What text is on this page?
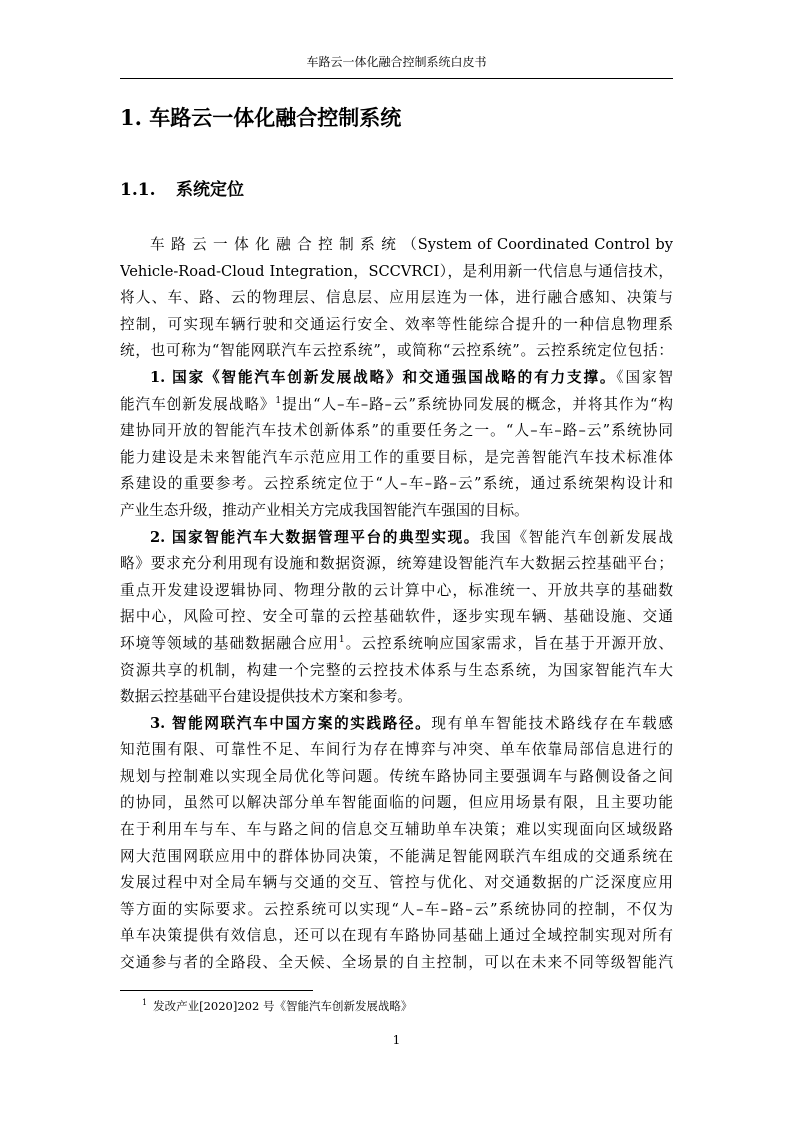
车路云一体化融合控制系统白皮书
1. 车路云一体化融合控制系统
1.1. 系统定位
车 路 云 一 体 化 融 合 控 制 系 统 （System of Coordinated Control by
Vehicle-Road-Cloud Integration，SCCVRCI），是利用新一代信息与通信技术，
将人、车、路、云的物理层、信息层、应用层连为一体，进行融合感知、决策与
控制，可实现车辆行驶和交通运行安全、效率等性能综合提升的一种信息物理系
统，也可称为“智能网联汽车云控系统”，或简称“云控系统”。云控系统定位包括：
1. 国家《智能汽车创新发展战略》和交通强国战略的有力支撑。《国家智
能汽车创新发展战略》$^1$提出“人–车–路–云”系统协同发展的概念，并将其作为“构
建协同开放的智能汽车技术创新体系”的重要任务之一。“人–车–路–云”系统协同
能力建设是未来智能汽车示范应用工作的重要目标，是完善智能汽车技术标准体
系建设的重要参考。云控系统定位于“人–车–路–云”系统，通过系统架构设计和
产业生态升级，推动产业相关方完成我国智能汽车强国的目标。
2. 国家智能汽车大数据管理平台的典型实现。我国《智能汽车创新发展战
略》要求充分利用现有设施和数据资源，统筹建设智能汽车大数据云控基础平台；
重点开发建设逻辑协同、物理分散的云计算中心，标准统一、开放共享的基础数
据中心，风险可控、安全可靠的云控基础软件，逐步实现车辆、基础设施、交通
环境等领域的基础数据融合应用$^1$。云控系统响应国家需求，旨在基于开源开放、
资源共享的机制，构建一个完整的云控技术体系与生态系统，为国家智能汽车大
数据云控基础平台建设提供技术方案和参考。
3. 智能网联汽车中国方案的实践路径。现有单车智能技术路线存在车载感
知范围有限、可靠性不足、车间行为存在博弈与冲突、单车依靠局部信息进行的
规划与控制难以实现全局优化等问题。传统车路协同主要强调车与路侧设备之间
的协同，虽然可以解决部分单车智能面临的问题，但应用场景有限，且主要功能
在于利用车与车、车与路之间的信息交互辅助单车决策；难以实现面向区域级路
网大范围网联应用中的群体协同决策，不能满足智能网联汽车组成的交通系统在
发展过程中对全局车辆与交通的交互、管控与优化、对交通数据的广泛深度应用
等方面的实际要求。云控系统可以实现“人–车–路–云”系统协同的控制，不仅为
单车决策提供有效信息，还可以在现有车路协同基础上通过全域控制实现对所有
交通参与者的全路段、全天候、全场景的自主控制，可以在未来不同等级智能汽
$^1$ 发改产业[2020]202 号《智能汽车创新发展战略》
1
